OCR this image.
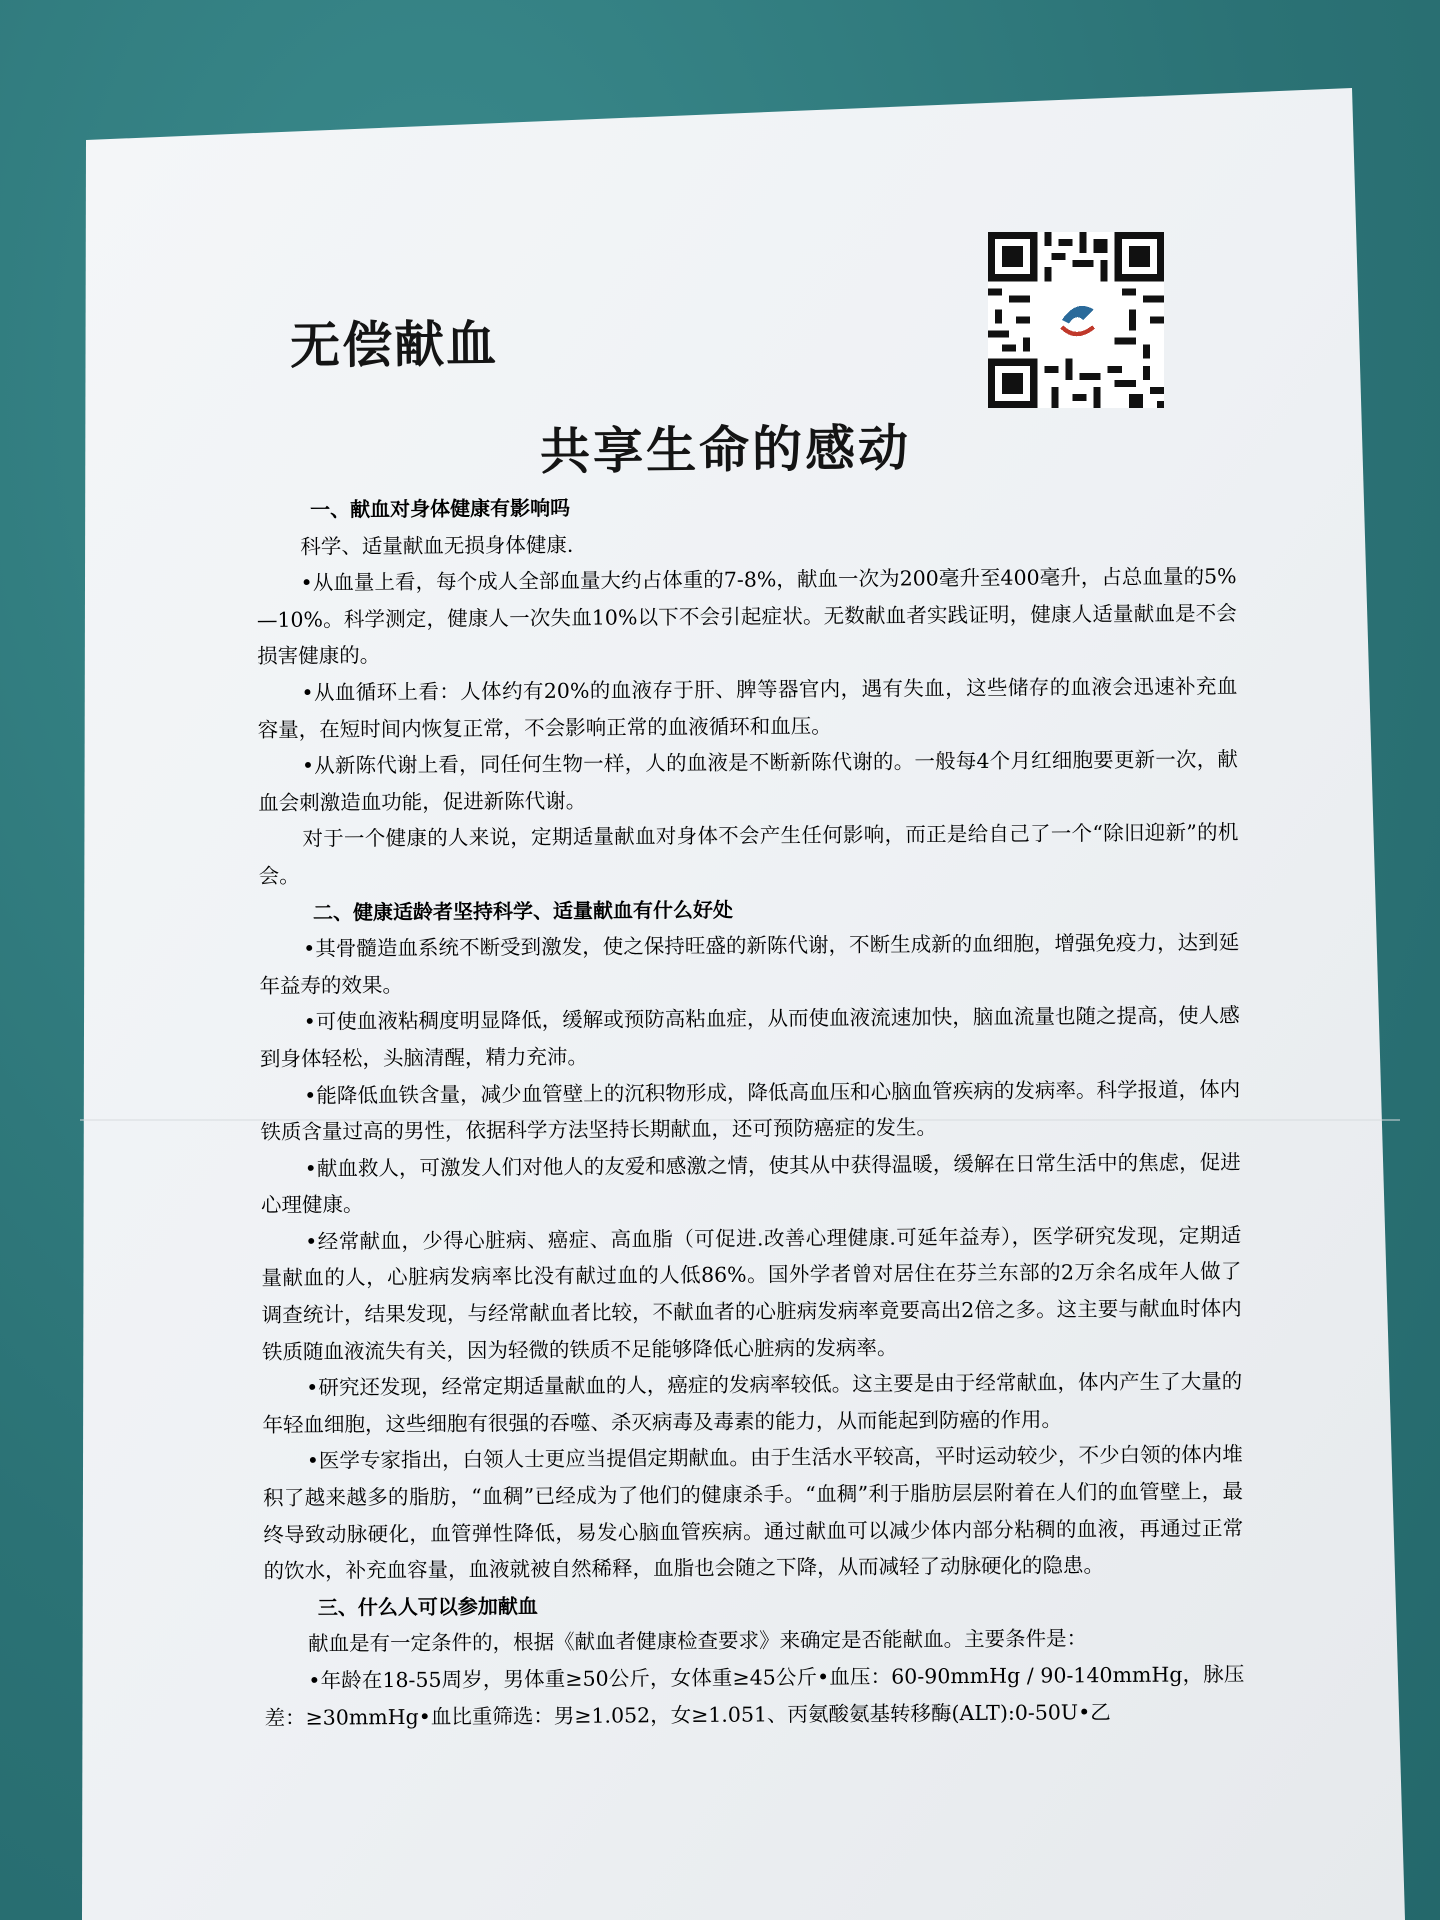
无偿献血
共享生命的感动
一、献血对身体健康有影响吗
科学、适量献血无损身体健康.
•从血量上看，每个成人全部血量大约占体重的7-8%，献血一次为200毫升至400毫升，占总血量的5%—10%。科学测定，健康人一次失血10%以下不会引起症状。无数献血者实践证明，健康人适量献血是不会损害健康的。
•从血循环上看：人体约有20%的血液存于肝、脾等器官内，遇有失血，这些储存的血液会迅速补充血容量，在短时间内恢复正常，不会影响正常的血液循环和血压。
•从新陈代谢上看，同任何生物一样，人的血液是不断新陈代谢的。一般每4个月红细胞要更新一次，献血会刺激造血功能，促进新陈代谢。
对于一个健康的人来说，定期适量献血对身体不会产生任何影响，而正是给自己了一个“除旧迎新”的机会。
二、健康适龄者坚持科学、适量献血有什么好处
•其骨髓造血系统不断受到激发，使之保持旺盛的新陈代谢，不断生成新的血细胞，增强免疫力，达到延年益寿的效果。
•可使血液粘稠度明显降低，缓解或预防高粘血症，从而使血液流速加快，脑血流量也随之提高，使人感到身体轻松，头脑清醒，精力充沛。
•能降低血铁含量，减少血管壁上的沉积物形成，降低高血压和心脑血管疾病的发病率。科学报道，体内铁质含量过高的男性，依据科学方法坚持长期献血，还可预防癌症的发生。
•献血救人，可激发人们对他人的友爱和感激之情，使其从中获得温暖，缓解在日常生活中的焦虑，促进心理健康。
•经常献血，少得心脏病、癌症、高血脂（可促进.改善心理健康.可延年益寿），医学研究发现，定期适量献血的人，心脏病发病率比没有献过血的人低86%。国外学者曾对居住在芬兰东部的2万余名成年人做了调查统计，结果发现，与经常献血者比较，不献血者的心脏病发病率竟要高出2倍之多。这主要与献血时体内铁质随血液流失有关，因为轻微的铁质不足能够降低心脏病的发病率。
•研究还发现，经常定期适量献血的人，癌症的发病率较低。这主要是由于经常献血，体内产生了大量的年轻血细胞，这些细胞有很强的吞噬、杀灭病毒及毒素的能力，从而能起到防癌的作用。
•医学专家指出，白领人士更应当提倡定期献血。由于生活水平较高，平时运动较少，不少白领的体内堆积了越来越多的脂肪，“血稠”已经成为了他们的健康杀手。“血稠”利于脂肪层层附着在人们的血管壁上，最终导致动脉硬化，血管弹性降低，易发心脑血管疾病。通过献血可以减少体内部分粘稠的血液，再通过正常的饮水，补充血容量，血液就被自然稀释，血脂也会随之下降，从而减轻了动脉硬化的隐患。
三、什么人可以参加献血
献血是有一定条件的，根据《献血者健康检查要求》来确定是否能献血。主要条件是：
•年龄在18-55周岁，男体重≥50公斤，女体重≥45公斤•血压：60-90mmHg / 90-140mmHg，脉压差：≥30mmHg•血比重筛选：男≥1.052，女≥1.051、丙氨酸氨基转移酶(ALT):0-50U•乙
